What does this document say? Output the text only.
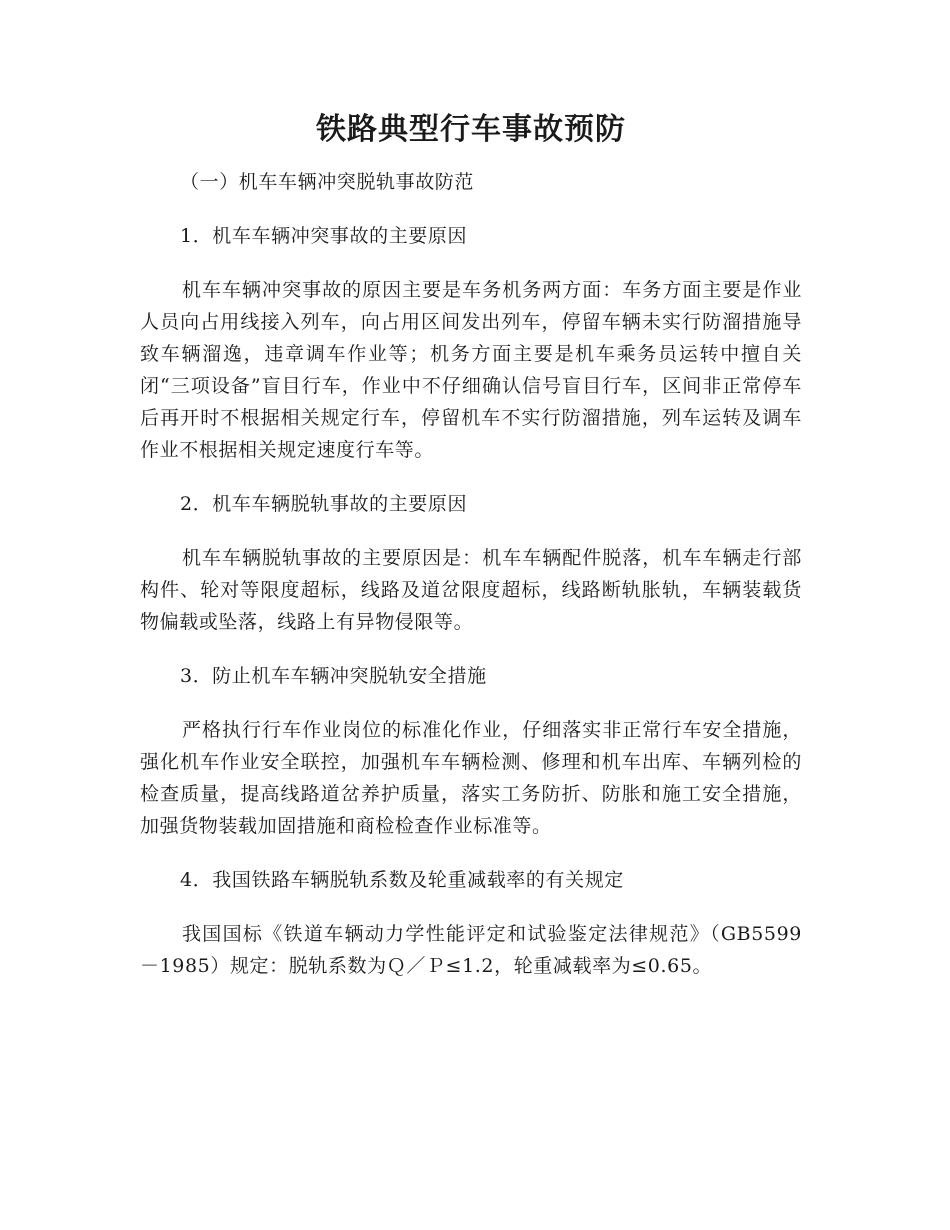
铁路典型行车事故预防

（一）机车车辆冲突脱轨事故防范

1．机车车辆冲突事故的主要原因

机车车辆冲突事故的原因主要是车务机务两方面：车务方面主要是作业人员向占用线接入列车，向占用区间发出列车，停留车辆未实行防溜措施导致车辆溜逸，违章调车作业等；机务方面主要是机车乘务员运转中擅自关闭“三项设备”盲目行车，作业中不仔细确认信号盲目行车，区间非正常停车后再开时不根据相关规定行车，停留机车不实行防溜措施，列车运转及调车作业不根据相关规定速度行车等。

2．机车车辆脱轨事故的主要原因

机车车辆脱轨事故的主要原因是：机车车辆配件脱落，机车车辆走行部构件、轮对等限度超标，线路及道岔限度超标，线路断轨胀轨，车辆装载货物偏载或坠落，线路上有异物侵限等。

3．防止机车车辆冲突脱轨安全措施

严格执行行车作业岗位的标准化作业，仔细落实非正常行车安全措施，强化机车作业安全联控，加强机车车辆检测、修理和机车出库、车辆列检的检查质量，提高线路道岔养护质量，落实工务防折、防胀和施工安全措施，加强货物装载加固措施和商检检查作业标准等。

4．我国铁路车辆脱轨系数及轮重减载率的有关规定

我国国标《铁道车辆动力学性能评定和试验鉴定法律规范》（GB5599－1985）规定：脱轨系数为Ｑ／Ｐ≤1.2，轮重减载率为≤0.65。
